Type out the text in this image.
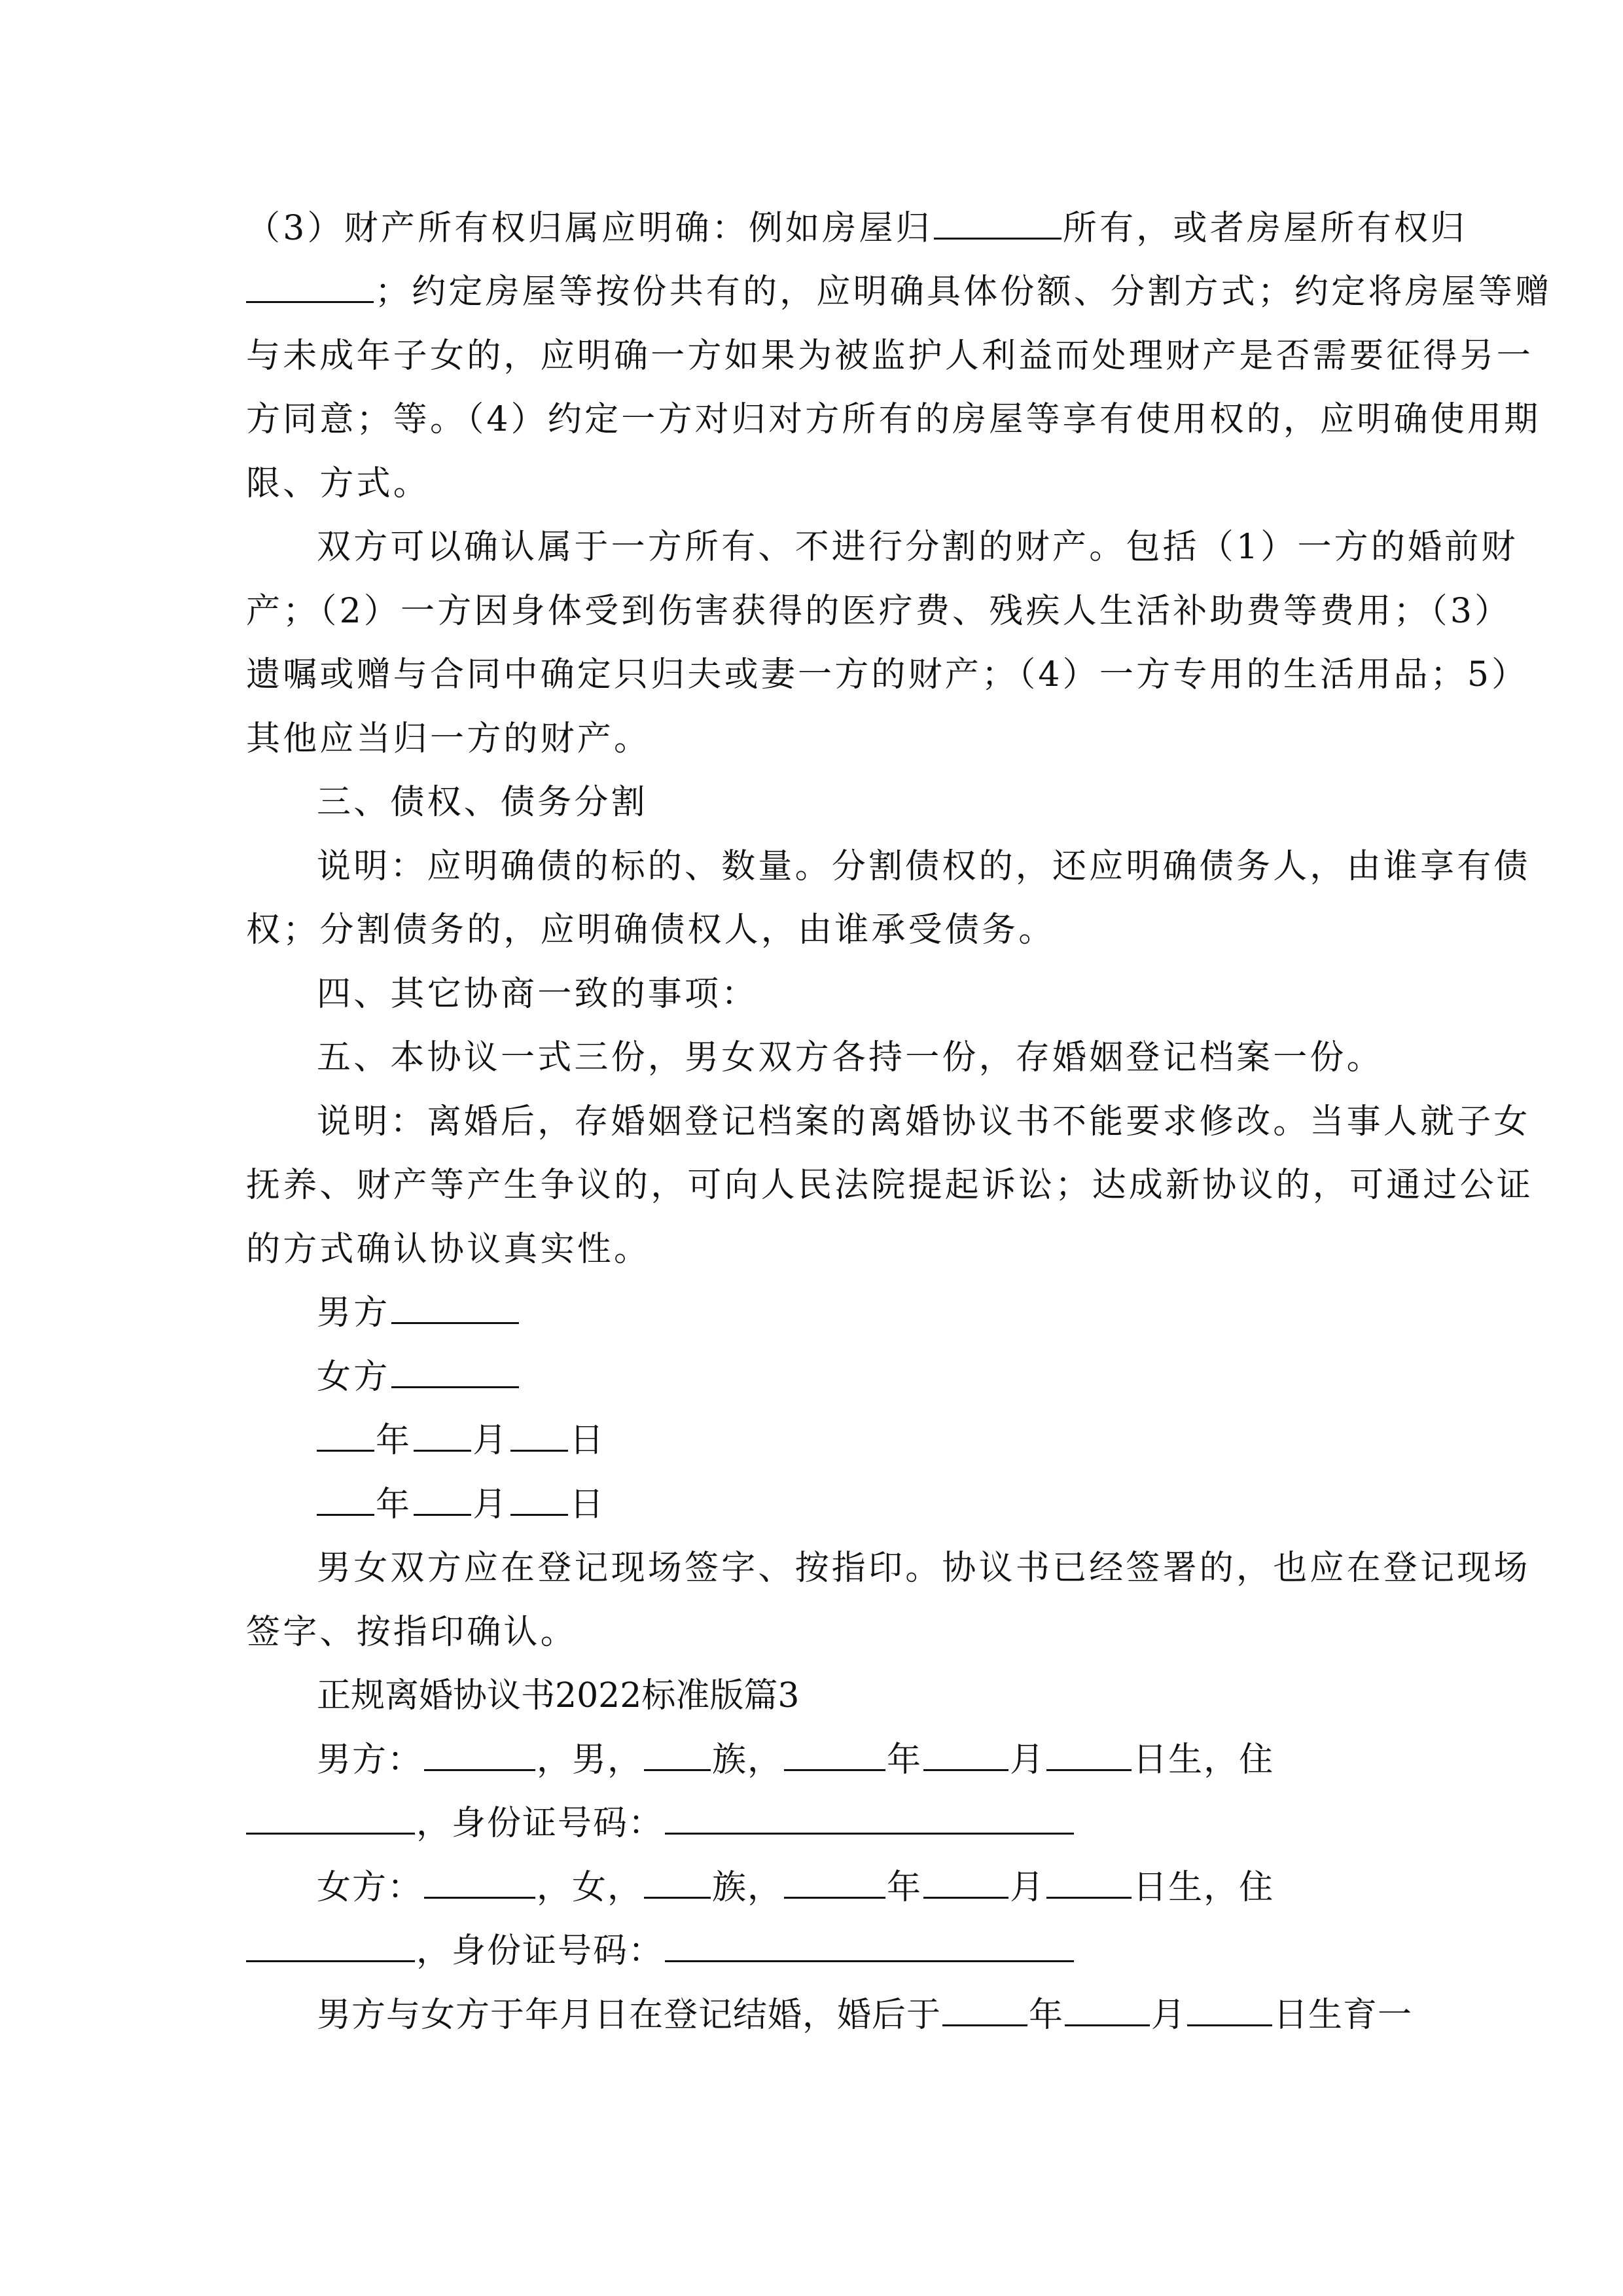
（3）财产所有权归属应明确：例如房屋归	所有，或者房屋所有权归
；约定房屋等按份共有的，应明确具体份额、分割方式；约定将房屋等赠
与未成年子女的，应明确一方如果为被监护人利益而处理财产是否需要征得另一
方同意；等。（4）约定一方对归对方所有的房屋等享有使用权的，应明确使用期
限、方式。
双方可以确认属于一方所有、不进行分割的财产。包括（1）一方的婚前财
产；（2）一方因身体受到伤害获得的医疗费、残疾人生活补助费等费用；（3）
遗嘱或赠与合同中确定只归夫或妻一方的财产；（4）一方专用的生活用品；5）
其他应当归一方的财产。
三、债权、债务分割
说明：应明确债的标的、数量。分割债权的，还应明确债务人，由谁享有债
权；分割债务的，应明确债权人，由谁承受债务。
四、其它协商一致的事项：
五、本协议一式三份，男女双方各持一份，存婚姻登记档案一份。
说明：离婚后，存婚姻登记档案的离婚协议书不能要求修改。当事人就子女
抚养、财产等产生争议的，可向人民法院提起诉讼；达成新协议的，可通过公证
的方式确认协议真实性。
男方
女方
年 月 日
年 月 日
男女双方应在登记现场签字、按指印。协议书已经签署的，也应在登记现场
签字、按指印确认。
正规离婚协议书2022标准版篇3
男方：	，男， 族，	年	月	日生，住
，身份证号码：
女方：	，女， 族，	年	月	日生，住
，身份证号码：
男方与女方于年月日在登记结婚，婚后于	年	月	日生育一
